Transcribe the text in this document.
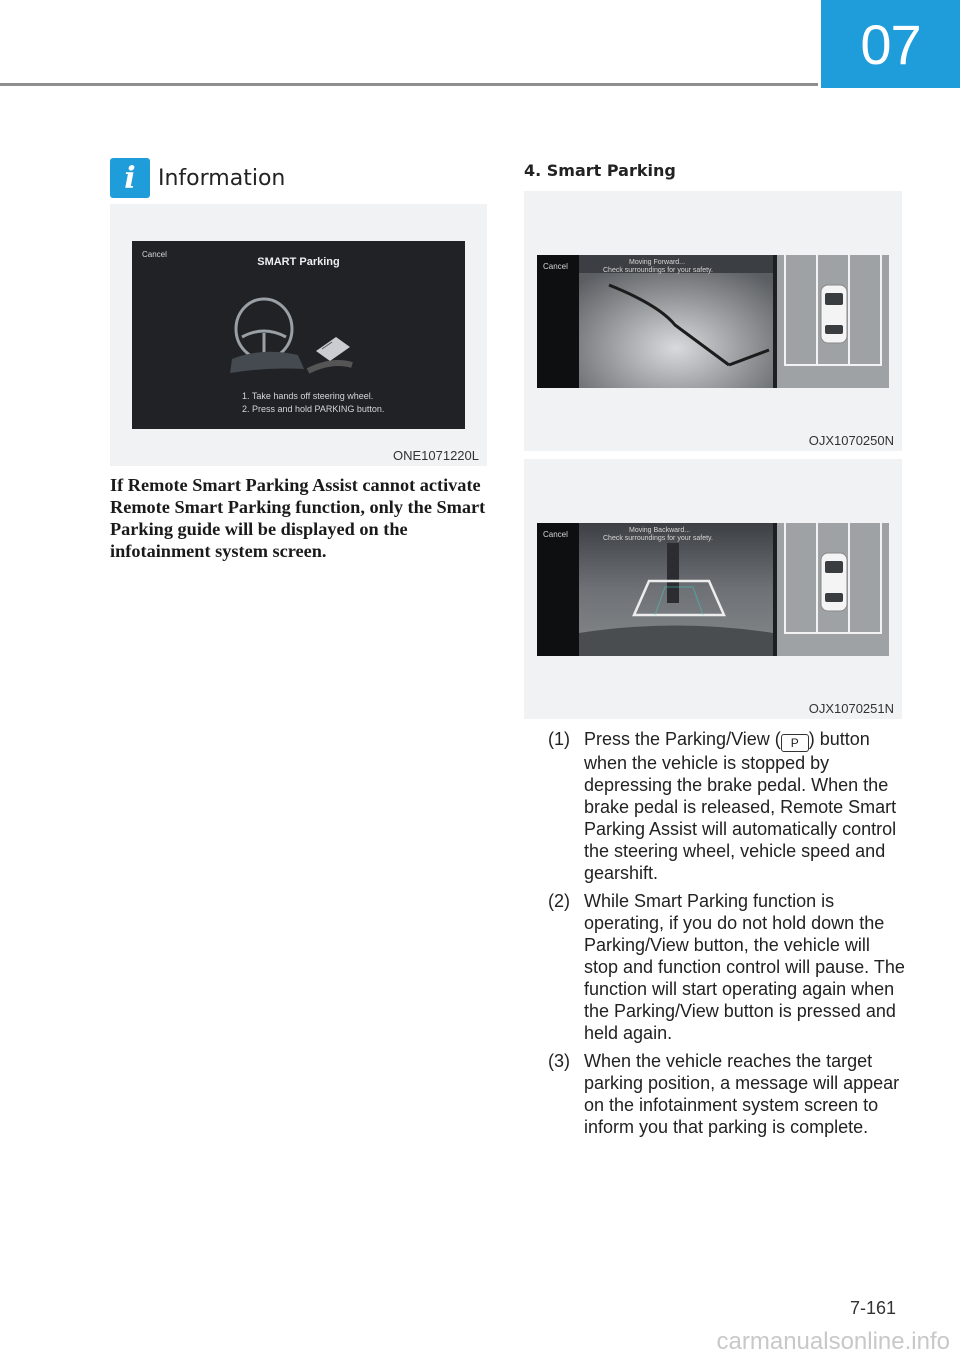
07
i	Information
Cancel
SMART Parking
1. Take hands off steering wheel.
2. Press and hold PARKING button.
ONE1071220L
If Remote Smart Parking Assist cannot activate Remote Smart Parking function, only the Smart Parking guide will be displayed on the infotainment system screen.
4. Smart Parking
Cancel	Moving Forward...
Check surroundings for your safety.
OJX1070250N
Cancel	Moving Backward...
Check surroundings for your safety.
OJX1070251N
(1) Press the Parking/View ( P ) button when the vehicle is stopped by depressing the brake pedal. When the brake pedal is released, Remote Smart Parking Assist will automatically control the steering wheel, vehicle speed and gearshift.
(2) While Smart Parking function is operating, if you do not hold down the Parking/View button, the vehicle will stop and function control will pause. The function will start operating again when the Parking/View button is pressed and held again.
(3) When the vehicle reaches the target parking position, a message will appear on the infotainment system screen to inform you that parking is complete.
7-161
carmanualsonline.info
